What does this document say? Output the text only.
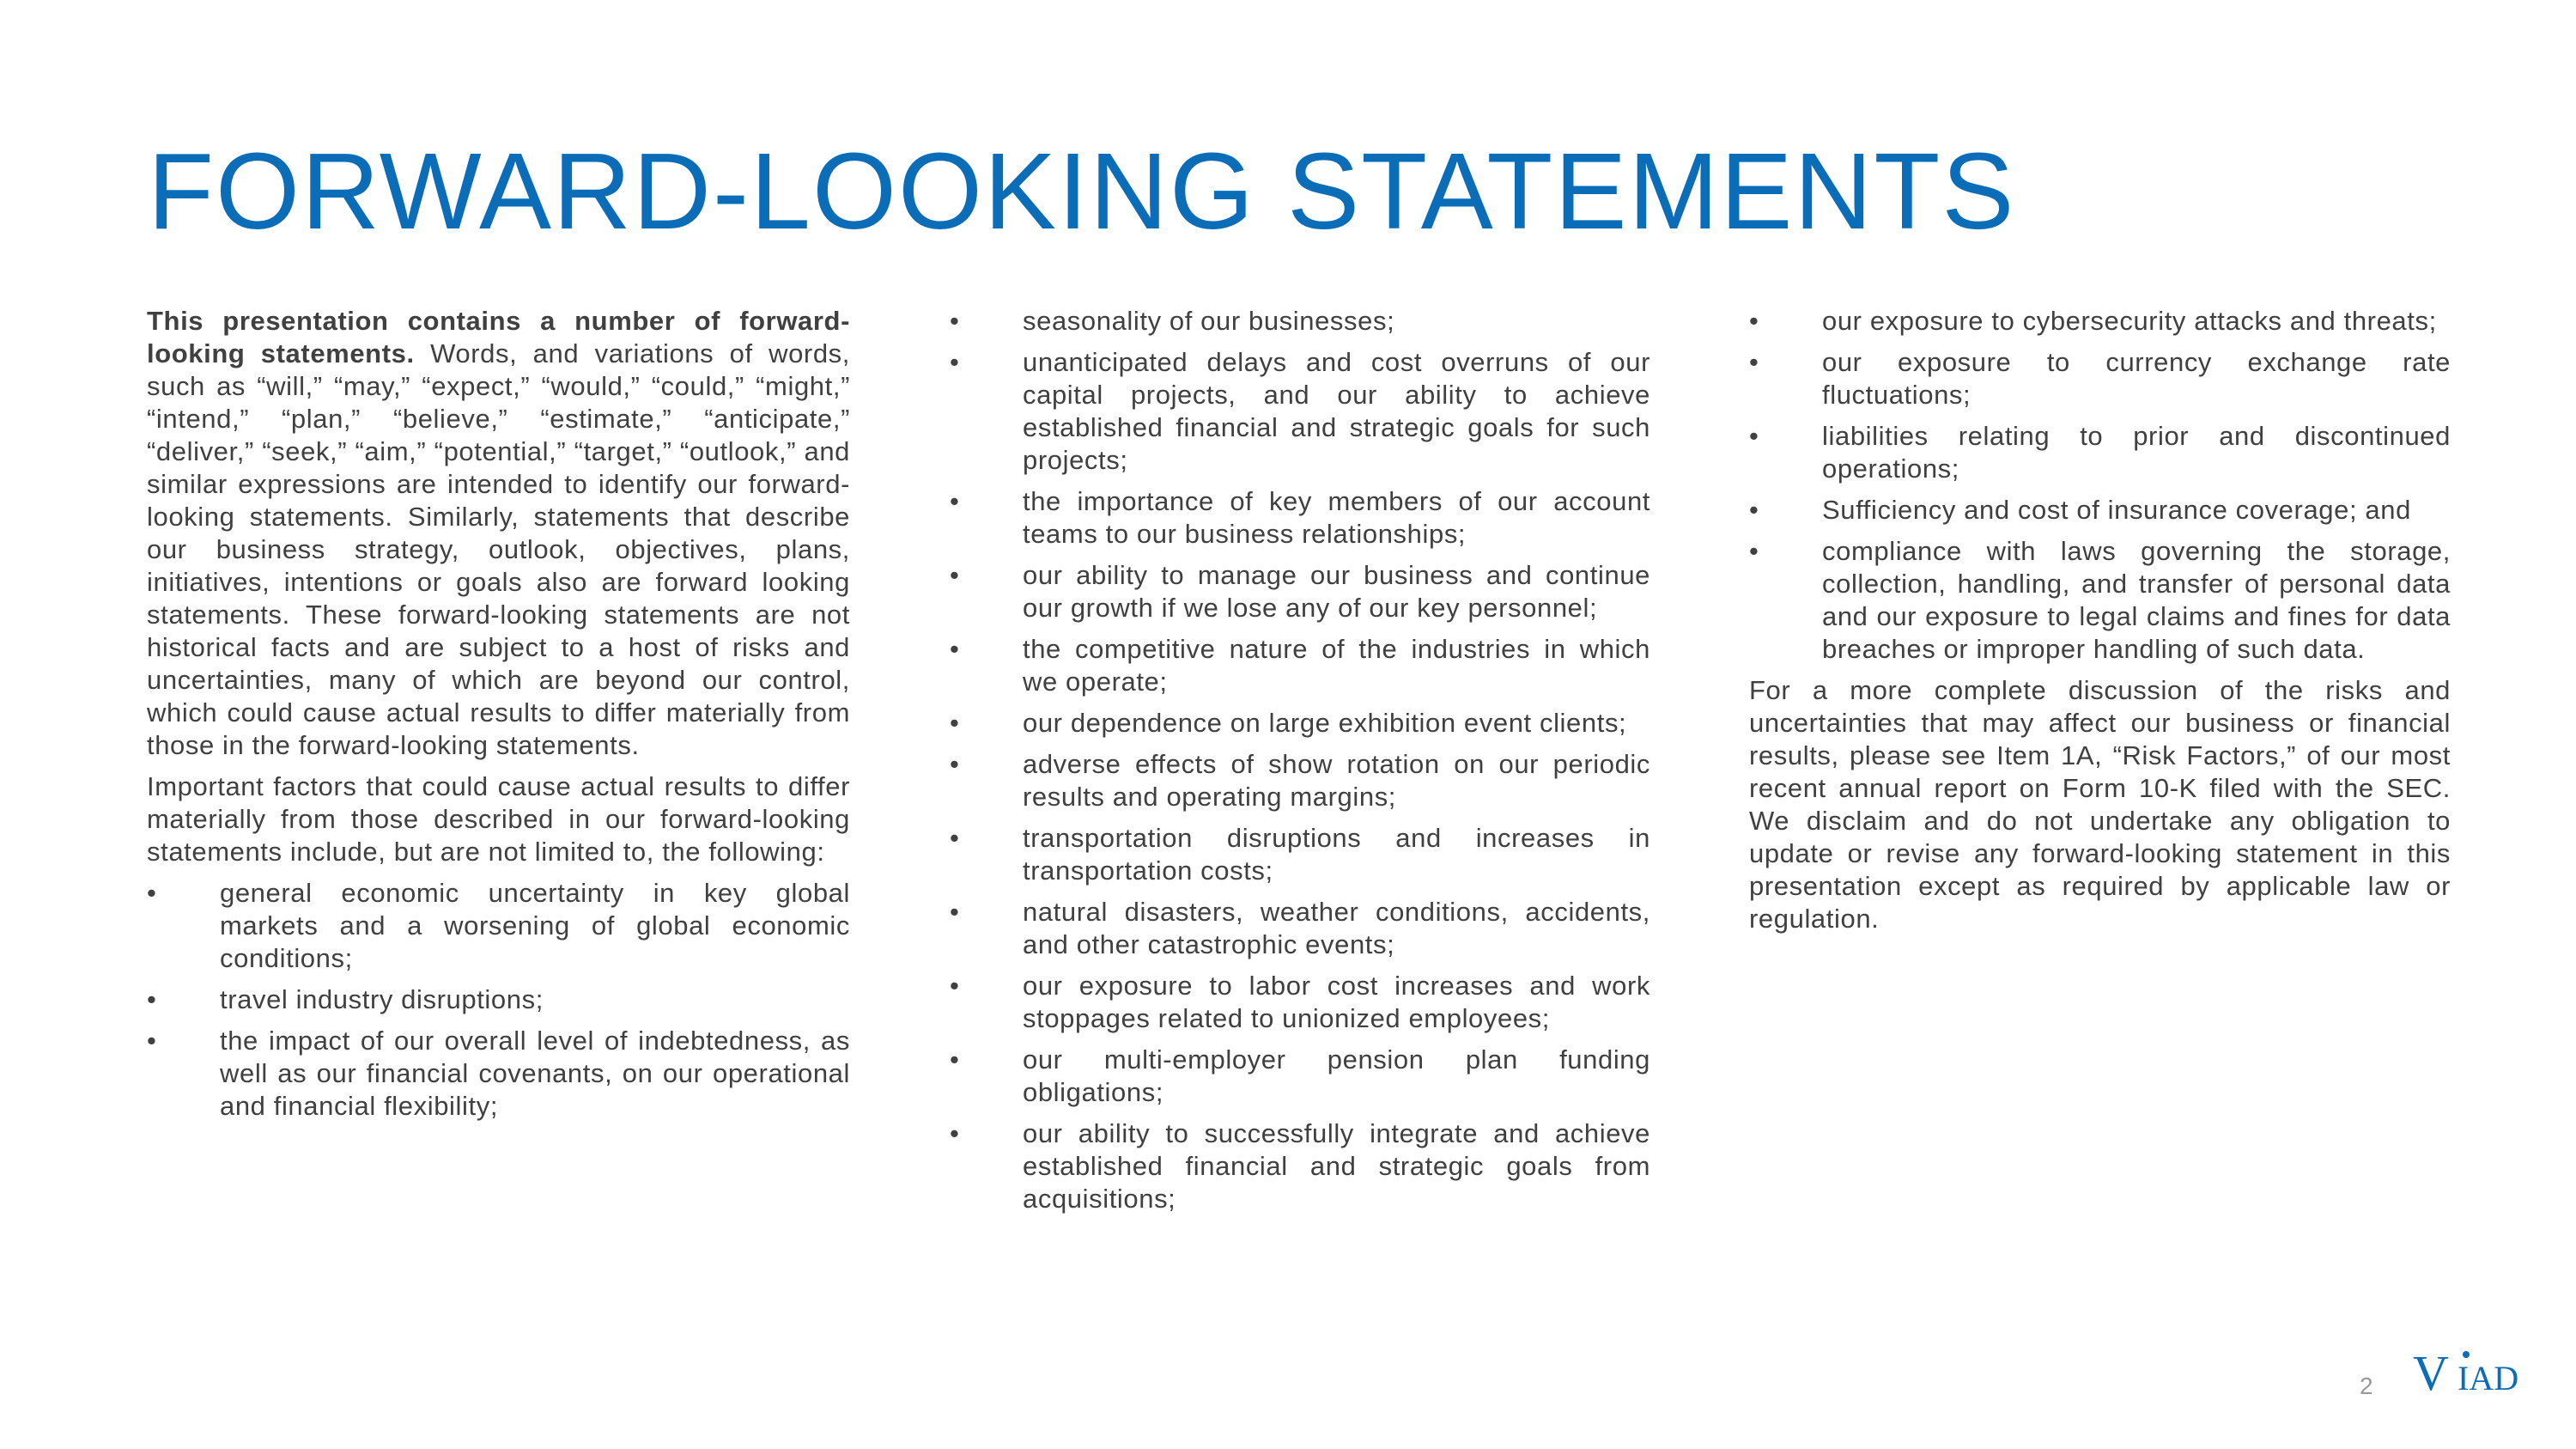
FORWARD-LOOKING STATEMENTS

This presentation contains a number of forward-looking statements. Words, and variations of words, such as “will,” “may,” “expect,” “would,” “could,” “might,” “intend,” “plan,” “believe,” “estimate,” “anticipate,” “deliver,” “seek,” “aim,” “potential,” “target,” “outlook,” and similar expressions are intended to identify our forward-looking statements. Similarly, statements that describe our business strategy, outlook, objectives, plans, initiatives, intentions or goals also are forward looking statements. These forward-looking statements are not historical facts and are subject to a host of risks and uncertainties, many of which are beyond our control, which could cause actual results to differ materially from those in the forward-looking statements.

Important factors that could cause actual results to differ materially from those described in our forward-looking statements include, but are not limited to, the following:

• general economic uncertainty in key global markets and a worsening of global economic conditions;
• travel industry disruptions;
• the impact of our overall level of indebtedness, as well as our financial covenants, on our operational and financial flexibility;
• seasonality of our businesses;
• unanticipated delays and cost overruns of our capital projects, and our ability to achieve established financial and strategic goals for such projects;
• the importance of key members of our account teams to our business relationships;
• our ability to manage our business and continue our growth if we lose any of our key personnel;
• the competitive nature of the industries in which we operate;
• our dependence on large exhibition event clients;
• adverse effects of show rotation on our periodic results and operating margins;
• transportation disruptions and increases in transportation costs;
• natural disasters, weather conditions, accidents, and other catastrophic events;
• our exposure to labor cost increases and work stoppages related to unionized employees;
• our multi-employer pension plan funding obligations;
• our ability to successfully integrate and achieve established financial and strategic goals from acquisitions;
• our exposure to cybersecurity attacks and threats;
• our exposure to currency exchange rate fluctuations;
• liabilities relating to prior and discontinued operations;
• Sufficiency and cost of insurance coverage; and
• compliance with laws governing the storage, collection, handling, and transfer of personal data and our exposure to legal claims and fines for data breaches or improper handling of such data.

For a more complete discussion of the risks and uncertainties that may affect our business or financial results, please see Item 1A, “Risk Factors,” of our most recent annual report on Form 10-K filed with the SEC. We disclaim and do not undertake any obligation to update or revise any forward-looking statement in this presentation except as required by applicable law or regulation.

2 V IAD
